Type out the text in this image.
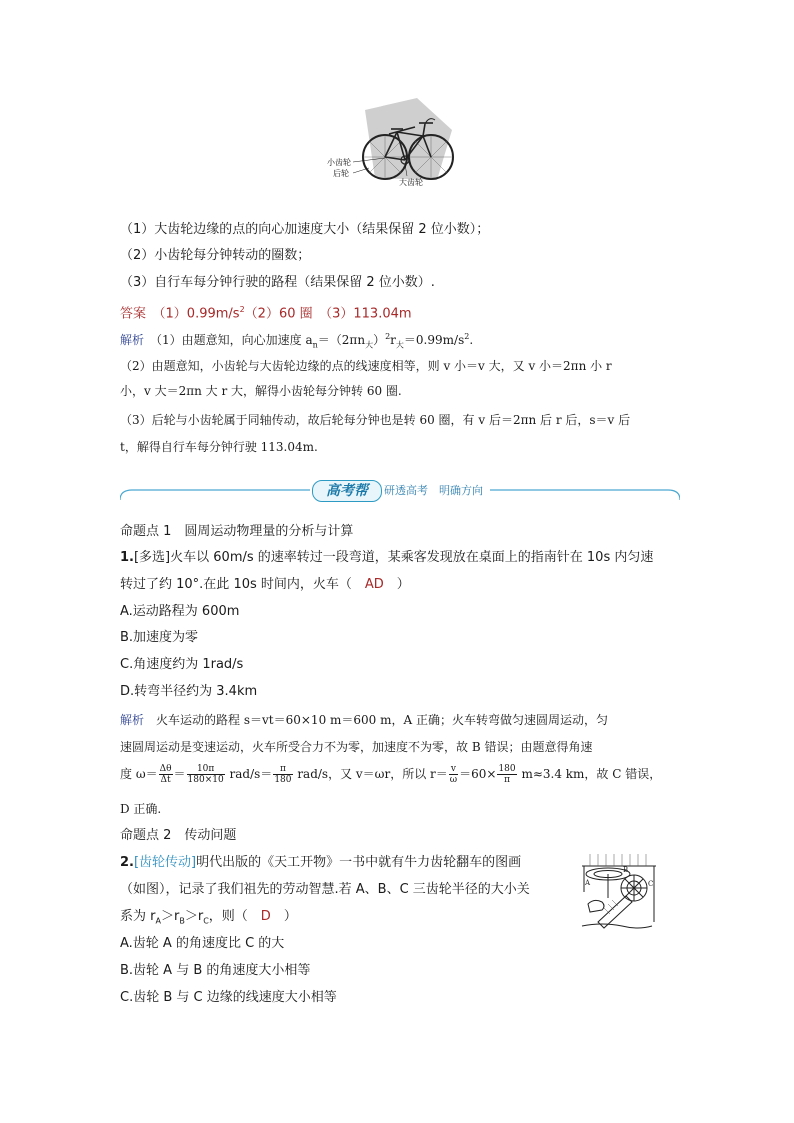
小齿轮
后轮
大齿轮
（1）大齿轮边缘的点的向心加速度大小（结果保留 2 位小数）；
（2）小齿轮每分钟转动的圈数；
（3）自行车每分钟行驶的路程（结果保留 2 位小数）.
答案　 $(1)0.99m/s^2(2)60$ 圈　（3）113.04m
解析　 （1）由题意知，向心加速度 $a_n=(2\pi n_大)^2r_大=0.99m/s^2$.
（2）由题意知，小齿轮与大齿轮边缘的点的线速度相等，则 v 小＝v 大，又 v 小＝2πn 小 r
小，v 大＝2πn 大 r 大，解得小齿轮每分钟转 60 圈.
（3）后轮与小齿轮属于同轴传动，故后轮每分钟也是转 60 圈，有 v 后＝2πn 后 r 后，s＝v 后
t，解得自行车每分钟行驶 113.04m.
高考帮	研透高考　明确方向
命题点 1　圆周运动物理量的分析与计算
1.[多选]火车以 60m/s 的速率转过一段弯道，某乘客发现放在桌面上的指南针在 10s 内匀速
转过了约 10°.在此 10s 时间内，火车（　AD　）
A.运动路程为 600m
B.加速度为零
C.角速度约为 1rad/s
D.转弯半径约为 3.4km
解析　 火车运动的路程 s＝vt＝60×10 m＝600 m，A 正确；火车转弯做匀速圆周运动，匀
速圆周运动是变速运动，火车所受合力不为零，加速度不为零，故 B 错误；由题意得角速
度 $\omega= \frac{\Delta\theta}{\Delta t} = \frac{10\pi}{180\times 10} rad/s= \frac{\pi}{180} rad/s$，又 v＝ωr，所以 $r= \frac{v}{\omega} =60\times \frac{180}{\pi} m\approx 3.4$ km，故 C 错误，
D 正确.
命题点 2　传动问题
2.[齿轮传动]明代出版的《天工开物》一书中就有牛力齿轮翻车的图画
（如图），记录了我们祖先的劳动智慧.若 A、B、C 三齿轮半径的大小关
系为 $r_A>r_B>r_C$，则（　D　）
A.齿轮 A 的角速度比 C 的大
B.齿轮 A 与 B 的角速度大小相等
C.齿轮 B 与 C 边缘的线速度大小相等
A
B
C
